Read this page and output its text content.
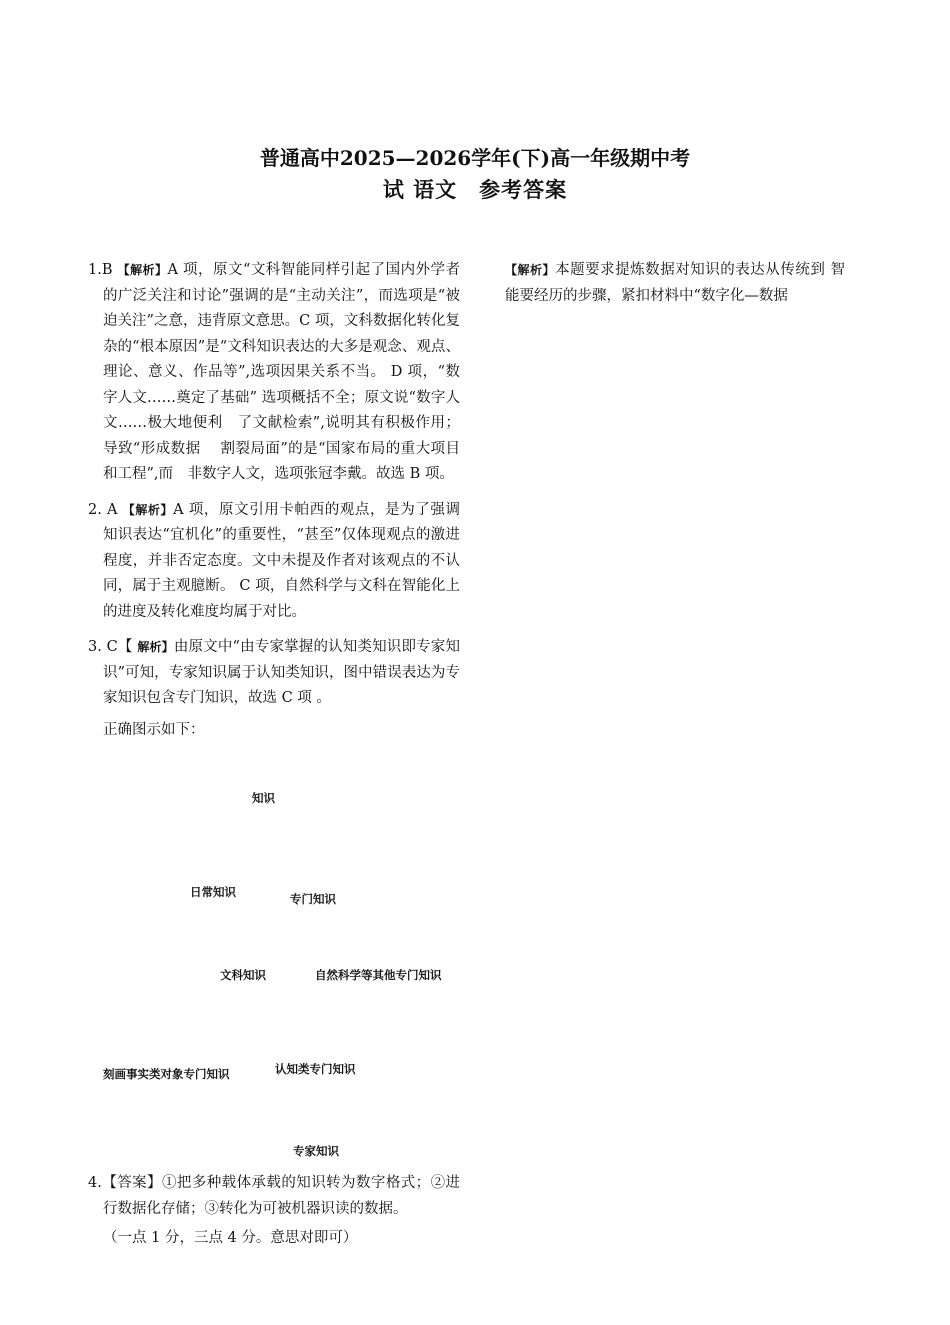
普通高中2025—2026学年(下)高一年级期中考
试 语文　参考答案

1.B 【解析】A 项，原文“文科智能同样引起了国内外学者的广泛关注和讨论”强调的是“主动关注”，而选项是“被迫关注”之意，违背原文意思。C 项，文科数据化转化复杂的“根本原因”是“文科知识表达的大多是观念、观点、理论、意义、作品等”,选项因果关系不当。 D 项，“数字人文……奠定了基础” 选项概括不全；原文说“数字人文……极大地便利　了文献检索”,说明其有积极作用；导致“形成数据　 割裂局面”的是“国家布局的重大项目和工程”,而　非数字人文，选项张冠李戴。故选 B 项。

2. A 【解析】A 项，原文引用卡帕西的观点，是为了强调知识表达“宜机化”的重要性，“甚至”仅体现观点的激进程度，并非否定态度。文中未提及作者对该观点的不认同，属于主观臆断。 C 项，自然科学与文科在智能化上的进度及转化难度均属于对比。

3. C【 解析】由原文中“由专家掌握的认知类知识即专家知识”可知，专家知识属于认知类知识，图中错误表达为专家知识包含专门知识，故选 C 项 。

正确图示如下：

知识
日常知识	专门知识
文科知识	自然科学等其他专门知识
刻画事实类对象专门知识	认知类专门知识
专家知识

4.【答案】①把多种载体承载的知识转为数字格式；②进行数据化存储；③转化为可被机器识读的数据。

（一点 1 分，三点 4 分。意思对即可）

【解析】本题要求提炼数据对知识的表达从传统到 智能要经历的步骤，紧扣材料中“数字化—数据
